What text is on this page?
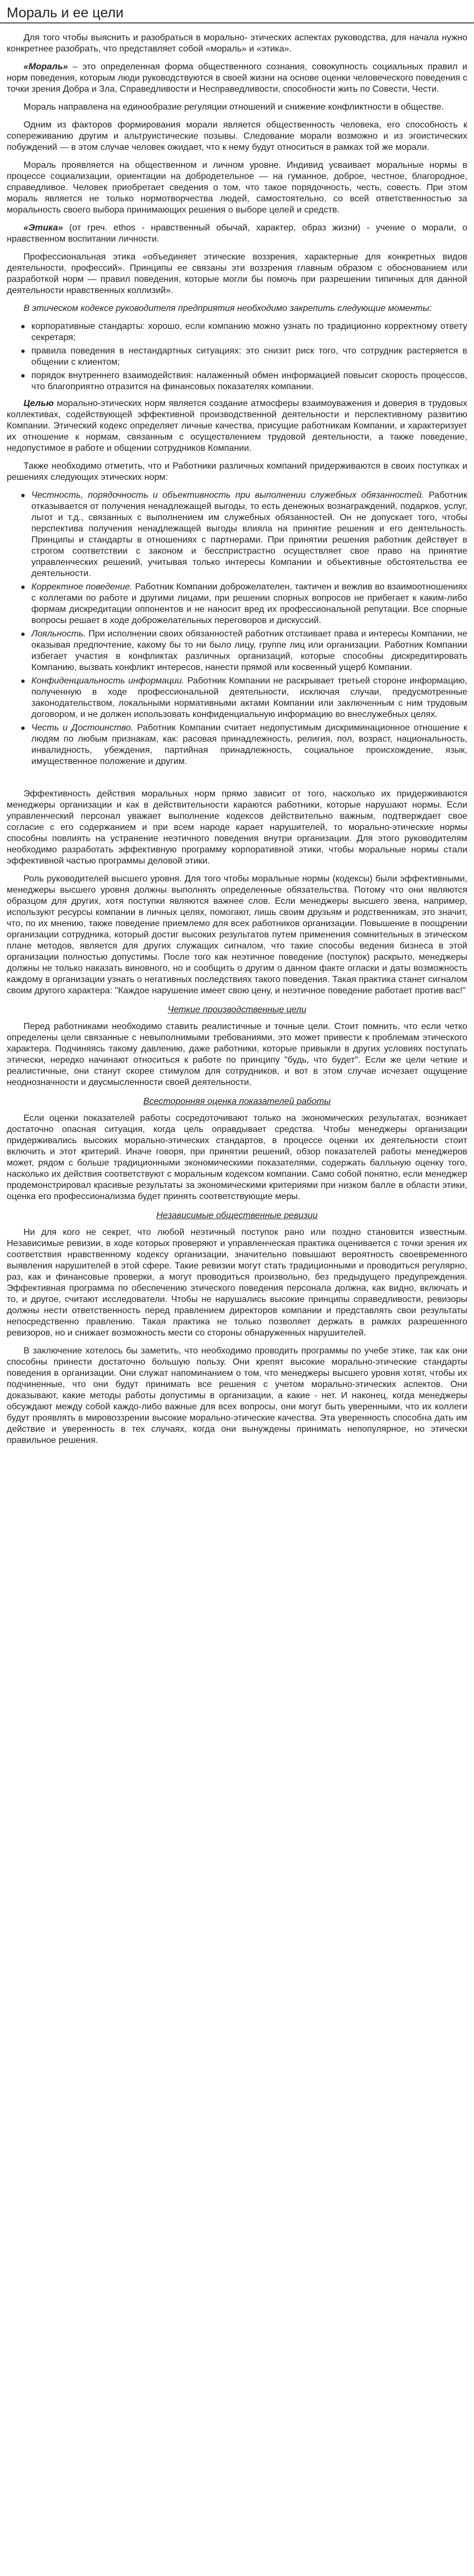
Мораль и ее цели

Для того чтобы выяснить и разобраться в морально- этических аспектах руководства, для начала нужно конкретнее разобрать, что представляет собой «мораль» и «этика».

«Мораль» – это определенная форма общественного сознания, совокупность социальных правил и норм поведения, которым люди руководствуются в своей жизни на основе оценки человеческого поведения с точки зрения Добра и Зла, Справедливости и Несправедливости, способности жить по Совести, Чести.

Мораль направлена на единообразие регуляции отношений и снижение конфликтности в обществе.

Одним из факторов формирования морали является общественность человека, его способность к сопереживанию другим и альтруистические позывы. Следование морали возможно и из эгоистических побуждений — в этом случае человек ожидает, что к нему будут относиться в рамках той же морали.

Мораль проявляется на общественном и личном уровне. Индивид усваивает моральные нормы в процессе социализации, ориентации на добродетельное — на гуманное, доброе, честное, благородное, справедливое. Человек приобретает сведения о том, что такое порядочность, честь, совесть. При этом мораль является не только нормотворчества людей, самостоятельно, со всей ответственностью за моральность своего выбора принимающих решения о выборе целей и средств.

«Этика» (от греч. ethos - нравственный обычай, характер, образ жизни) - учение о морали, о нравственном воспитании личности.

Профессиональная этика «объединяет этические воззрения, характерные для конкретных видов деятельности, профессий». Принципы ее связаны эти воззрения главным образом с обоснованием или разработкой норм — правил поведения, которые могли бы помочь при разрешении типичных для данной деятельности нравственных коллизий».

В этическом кодексе руководителя предприятия необходимо закрепить следующие моменты:

корпоративные стандарты: хорошо, если компанию можно узнать по традиционно корректному ответу секретаря;
правила поведения в нестандартных ситуациях: это снизит риск того, что сотрудник растеряется в общении с клиентом;
порядок внутреннего взаимодействия: налаженный обмен информацией повысит скорость процессов, что благоприятно отразится на финансовых показателях компании.

Целью морально-этических норм является создание атмосферы взаимоуважения и доверия в трудовых коллективах, содействующей эффективной производственной деятельности и перспективному развитию Компании. Этический кодекс определяет личные качества, присущие работникам Компании, и характеризует их отношение к нормам, связанным с осуществлением трудовой деятельности, а также поведение, недопустимое в работе и общении сотрудников Компании.

Также необходимо отметить, что и Работники различных компаний придерживаются в своих поступках и решениях следующих этических норм:

Честность, порядочность и объективность при выполнении служебных обязанностей. Работник отказывается от получения ненадлежащей выгоды, то есть денежных вознаграждений, подарков, услуг, льгот и т.д., связанных с выполнением им служебных обязанностей. Он не допускает того, чтобы перспектива получения ненадлежащей выгоды влияла на принятие решения и его деятельность. Принципы и стандарты в отношениях с партнерами. При принятии решения работник действует в строгом соответствии с законом и бесспристрастно осуществляет свое право на принятие управленческих решений, учитывая только интересы Компании и объективные обстоятельства ее деятельности.
Корректное поведение. Работник Компании доброжелателен, тактичен и вежлив во взаимоотношениях с коллегами по работе и другими лицами, при решении спорных вопросов не прибегает к каким-либо формам дискредитации оппонентов и не наносит вред их профессиональной репутации. Все спорные вопросы решает в ходе доброжелательных переговоров и дискуссий.
Лояльность. При исполнении своих обязанностей работник отстаивает права и интересы Компании, не оказывая предпочтение, какому бы то ни было лицу, группе лиц или организации. Работник Компании избегает участия в конфликтах различных организаций, которые способны дискредитировать Компанию, вызвать конфликт интересов, нанести прямой или косвенный ущерб Компании.
Конфиденциальность информации. Работник Компании не раскрывает третьей стороне информацию, полученную в ходе профессиональной деятельности, исключая случаи, предусмотренные законодательством, локальными нормативными актами Компании или заключенным с ним трудовым договором, и не должен использовать конфиденциальную информацию во внеслужебных целях.
Честь и Достоинство. Работник Компании считает недопустимым дискриминационное отношение к людям по любым признакам, как: расовая принадлежность, религия, пол, возраст, национальность, инвалидность, убеждения, партийная принадлежность, социальное происхождение, язык, имущественное положение и другим.

Эффективность действия моральных норм прямо зависит от того, насколько их придерживаются менеджеры организации и как в действительности караются работники, которые нарушают нормы. Если управленческий персонал уважает выполнение кодексов действительно важным, подтверждает свое согласие с его содержанием и при всем народе карает нарушителей, то морально-этические нормы способны повлиять на устранение неэтичного поведения внутри организации. Для этого руководителям необходимо разработать эффективную программу корпоративной этики, чтобы моральные нормы стали эффективной частью программы деловой этики.

Роль руководителей высшего уровня. Для того чтобы моральные нормы (кодексы) были эффективными, менеджеры высшего уровня должны выполнять определенные обязательства. Потому что они являются образцом для других, хотя поступки являются важнее слов. Если менеджеры высшего звена, например, используют ресурсы компании в личных целях, помогают, лишь своим друзьям и родственникам, это значит, что, по их мнению, также поведение приемлемо для всех работников организации. Повышение в поощрении организации сотрудника, который достиг высоких результатов путем применения сомнительных в этическом плане методов, является для других служащих сигналом, что такие способы ведения бизнеса в этой организации полностью допустимы. После того как неэтичное поведение (поступок) раскрыто, менеджеры должны не только наказать виновного, но и сообщить о другим о данном факте огласки и даты возможность каждому в организации узнать о негативных последствиях такого поведения. Такая практика станет сигналом своим другого характера: "Каждое нарушение имеет свою цену, и неэтичное поведение работает против вас!"

Четкие производственные цели

Перед работниками необходимо ставить реалистичные и точные цели. Стоит помнить, что если четко определены цели связанные с невыполнимыми требованиями, это может привести к проблемам этического характера. Подчиняясь такому давлению, даже работники, которые привыкли в других условиях поступать этически, нередко начинают относиться к работе по принципу "будь, что будет". Если же цели четкие и реалистичные, они станут скорее стимулом для сотрудников, и вот в этом случае исчезает ощущение неоднозначности и двусмысленности своей деятельности.

Всесторонняя оценка показателей работы

Если оценки показателей работы сосредоточивают только на экономических результатах, возникает достаточно опасная ситуация, когда цель оправдывает средства. Чтобы менеджеры организации придерживались высоких морально-этических стандартов, в процессе оценки их деятельности стоит включить и этот критерий. Иначе говоря, при принятии решений, обзор показателей работы менеджеров может, рядом с больше традиционными экономическими показателями, содержать балльную оценку того, насколько их действия соответствуют с моральным кодексом компании. Само собой понятно, если менеджер продемонстрировал красивые результаты за экономическими критериями при низком балле в области этики, оценка его профессионализма будет принять соответствующие меры.

Независимые общественные ревизии

Ни для кого не секрет, что любой неэтичный поступок рано или поздно становится известным. Независимые ревизии, в ходе которых проверяют и управленческая практика оценивается с точки зрения их соответствия нравственному кодексу организации, значительно повышают вероятность своевременного выявления нарушителей в этой сфере. Такие ревизии могут стать традиционными и проводиться регулярно, раз, как и финансовые проверки, а могут проводиться произвольно, без предыдущего предупреждения. Эффективная программа по обеспечению этического поведения персонала должна, как видно, включать и то, и другое, считают исследователи. Чтобы не нарушались высокие принципы справедливости, ревизоры должны нести ответственность перед правлением директоров компании и представлять свои результаты непосредственно правлению. Такая практика не только позволяет держать в рамках разрешенного ревизоров, но и снижает возможность мести со стороны обнаруженных нарушителей.

В заключение хотелось бы заметить, что необходимо проводить программы по учебе этике, так как они способны принести достаточно большую пользу. Они крепят высокие морально-этические стандарты поведения в организации. Они служат напоминанием о том, что менеджеры высшего уровня хотят, чтобы их подчиненные, что они будут принимать все решения с учетом морально-этических аспектов. Они доказывают, какие методы работы допустимы в организации, а какие - нет. И наконец, когда менеджеры обсуждают между собой каждо-либо важные для всех вопросы, они могут быть уверенными, что их коллеги будут проявлять в мировоззрении высокие морально-этические качества. Эта уверенность способна дать им действие и уверенность в тех случаях, когда они вынуждены принимать непопулярное, но этически правильное решения.
